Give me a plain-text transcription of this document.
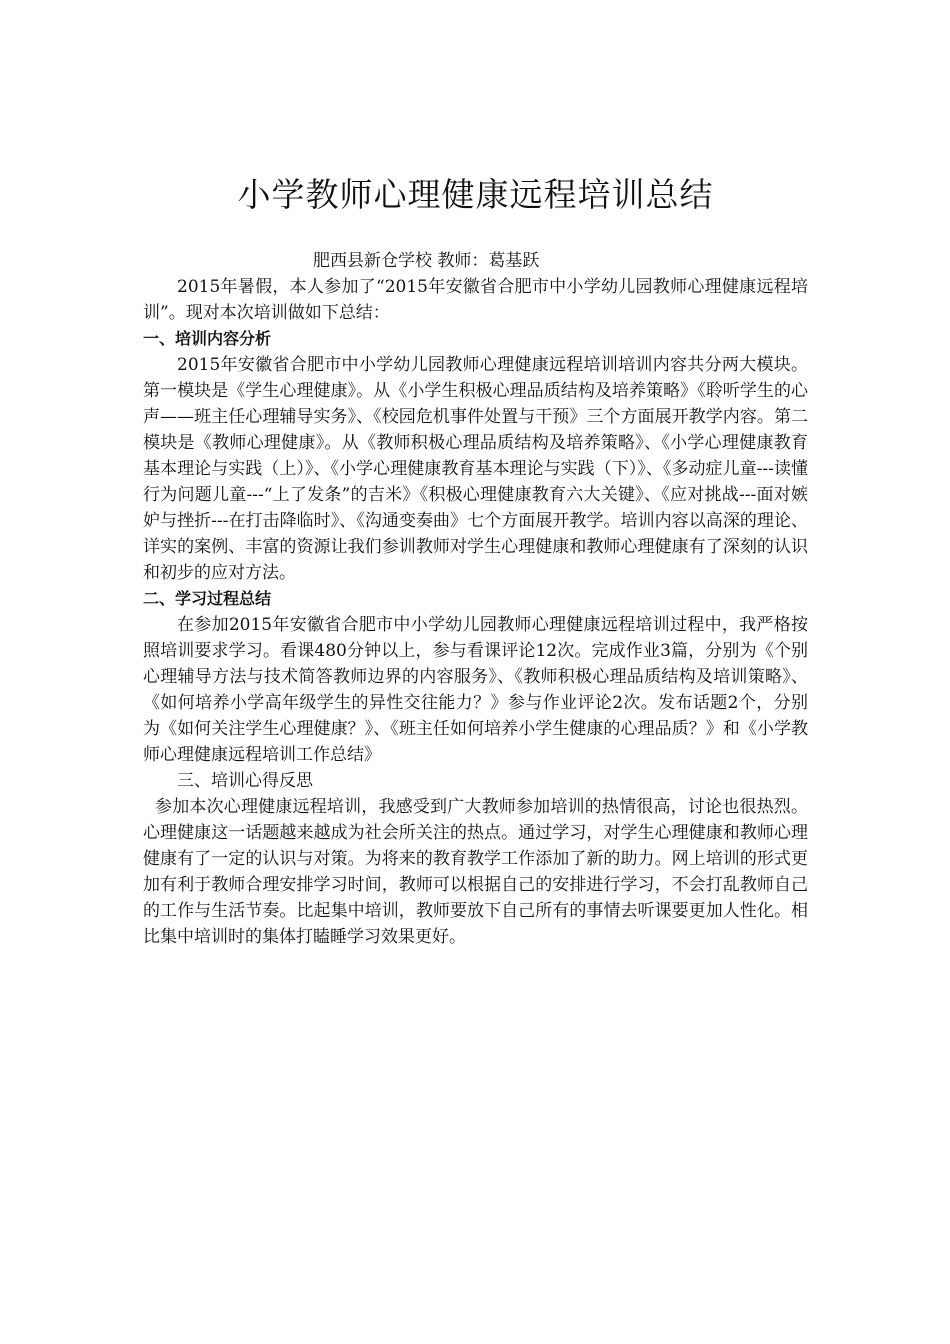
小学教师心理健康远程培训总结

肥西县新仓学校 教师：葛基跃

2015年暑假，本人参加了“2015年安徽省合肥市中小学幼儿园教师心理健康远程培训”。现对本次培训做如下总结：

一、培训内容分析

2015年安徽省合肥市中小学幼儿园教师心理健康远程培训培训内容共分两大模块。第一模块是《学生心理健康》。从《小学生积极心理品质结构及培养策略》《聆听学生的心声——班主任心理辅导实务》、《校园危机事件处置与干预》三个方面展开教学内容。第二模块是《教师心理健康》。从《教师积极心理品质结构及培养策略》、《小学心理健康教育基本理论与实践（上）》、《小学心理健康教育基本理论与实践（下）》、《多动症儿童---读懂行为问题儿童---“上了发条”的吉米》《积极心理健康教育六大关键》、《应对挑战---面对嫉妒与挫折---在打击降临时》、《沟通变奏曲》七个方面展开教学。培训内容以高深的理论、详实的案例、丰富的资源让我们参训教师对学生心理健康和教师心理健康有了深刻的认识和初步的应对方法。

二、学习过程总结

在参加2015年安徽省合肥市中小学幼儿园教师心理健康远程培训过程中，我严格按照培训要求学习。看课480分钟以上，参与看课评论12次。完成作业3篇，分别为《个别心理辅导方法与技术简答教师边界的内容服务》、《教师积极心理品质结构及培训策略》、《如何培养小学高年级学生的异性交往能力？》参与作业评论2次。发布话题2个，分别为《如何关注学生心理健康？》、《班主任如何培养小学生健康的心理品质？》和《小学教师心理健康远程培训工作总结》

三、培训心得反思

参加本次心理健康远程培训，我感受到广大教师参加培训的热情很高，讨论也很热烈。心理健康这一话题越来越成为社会所关注的热点。通过学习，对学生心理健康和教师心理健康有了一定的认识与对策。为将来的教育教学工作添加了新的助力。网上培训的形式更加有利于教师合理安排学习时间，教师可以根据自己的安排进行学习，不会打乱教师自己的工作与生活节奏。比起集中培训，教师要放下自己所有的事情去听课要更加人性化。相比集中培训时的集体打瞌睡学习效果更好。
